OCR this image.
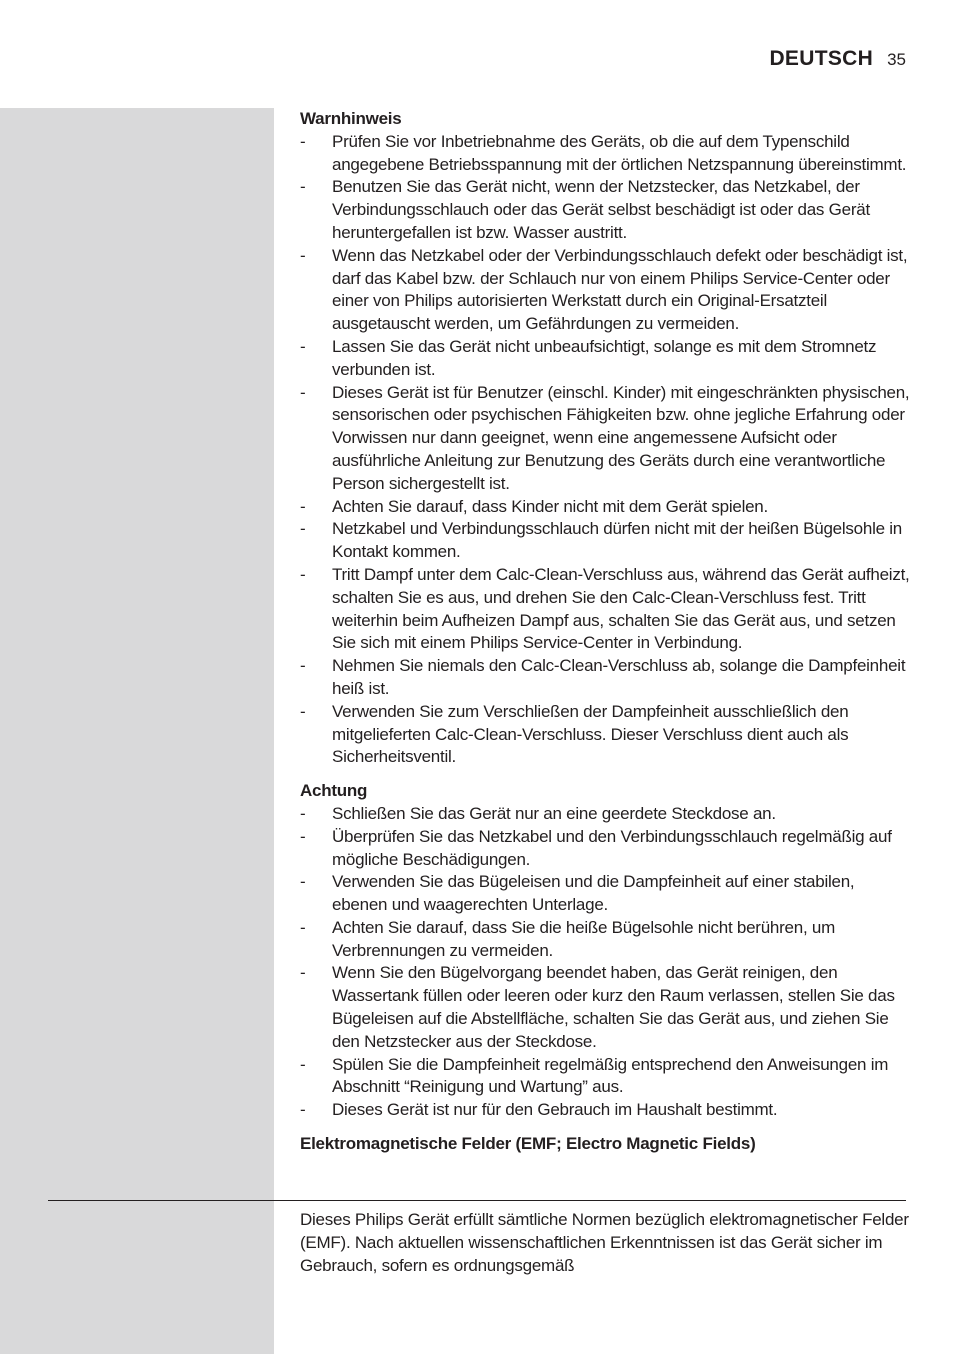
DEUTSCH 35
Warnhinweis
- Prüfen Sie vor Inbetriebnahme des Geräts, ob die auf dem Typenschild angegebene Betriebsspannung mit der örtlichen Netzspannung übereinstimmt.
- Benutzen Sie das Gerät nicht, wenn der Netzstecker, das Netzkabel, der Verbindungsschlauch oder das Gerät selbst beschädigt ist oder das Gerät heruntergefallen ist bzw. Wasser austritt.
- Wenn das Netzkabel oder der Verbindungsschlauch defekt oder beschädigt ist, darf das Kabel bzw. der Schlauch nur von einem Philips Service-Center oder einer von Philips autorisierten Werkstatt durch ein Original-Ersatzteil ausgetauscht werden, um Gefährdungen zu vermeiden.
- Lassen Sie das Gerät nicht unbeaufsichtigt, solange es mit dem Stromnetz verbunden ist.
- Dieses Gerät ist für Benutzer (einschl. Kinder) mit eingeschränkten physischen, sensorischen oder psychischen Fähigkeiten bzw. ohne jegliche Erfahrung oder Vorwissen nur dann geeignet, wenn eine angemessene Aufsicht oder ausführliche Anleitung zur Benutzung des Geräts durch eine verantwortliche Person sichergestellt ist.
- Achten Sie darauf, dass Kinder nicht mit dem Gerät spielen.
- Netzkabel und Verbindungsschlauch dürfen nicht mit der heißen Bügelsohle in Kontakt kommen.
- Tritt Dampf unter dem Calc-Clean-Verschluss aus, während das Gerät aufheizt, schalten Sie es aus, und drehen Sie den Calc-Clean-Verschluss fest. Tritt weiterhin beim Aufheizen Dampf aus, schalten Sie das Gerät aus, und setzen Sie sich mit einem Philips Service-Center in Verbindung.
- Nehmen Sie niemals den Calc-Clean-Verschluss ab, solange die Dampfeinheit heiß ist.
- Verwenden Sie zum Verschließen der Dampfeinheit ausschließlich den mitgelieferten Calc-Clean-Verschluss. Dieser Verschluss dient auch als Sicherheitsventil.
Achtung
- Schließen Sie das Gerät nur an eine geerdete Steckdose an.
- Überprüfen Sie das Netzkabel und den Verbindungsschlauch regelmäßig auf mögliche Beschädigungen.
- Verwenden Sie das Bügeleisen und die Dampfeinheit auf einer stabilen, ebenen und waagerechten Unterlage.
- Achten Sie darauf, dass Sie die heiße Bügelsohle nicht berühren, um Verbrennungen zu vermeiden.
- Wenn Sie den Bügelvorgang beendet haben, das Gerät reinigen, den Wassertank füllen oder leeren oder kurz den Raum verlassen, stellen Sie das Bügeleisen auf die Abstellfläche, schalten Sie das Gerät aus, und ziehen Sie den Netzstecker aus der Steckdose.
- Spülen Sie die Dampfeinheit regelmäßig entsprechend den Anweisungen im Abschnitt “Reinigung und Wartung” aus.
- Dieses Gerät ist nur für den Gebrauch im Haushalt bestimmt.
Elektromagnetische Felder (EMF; Electro Magnetic Fields)

Dieses Philips Gerät erfüllt sämtliche Normen bezüglich elektromagnetischer Felder (EMF). Nach aktuellen wissenschaftlichen Erkenntnissen ist das Gerät sicher im Gebrauch, sofern es ordnungsgemäß
